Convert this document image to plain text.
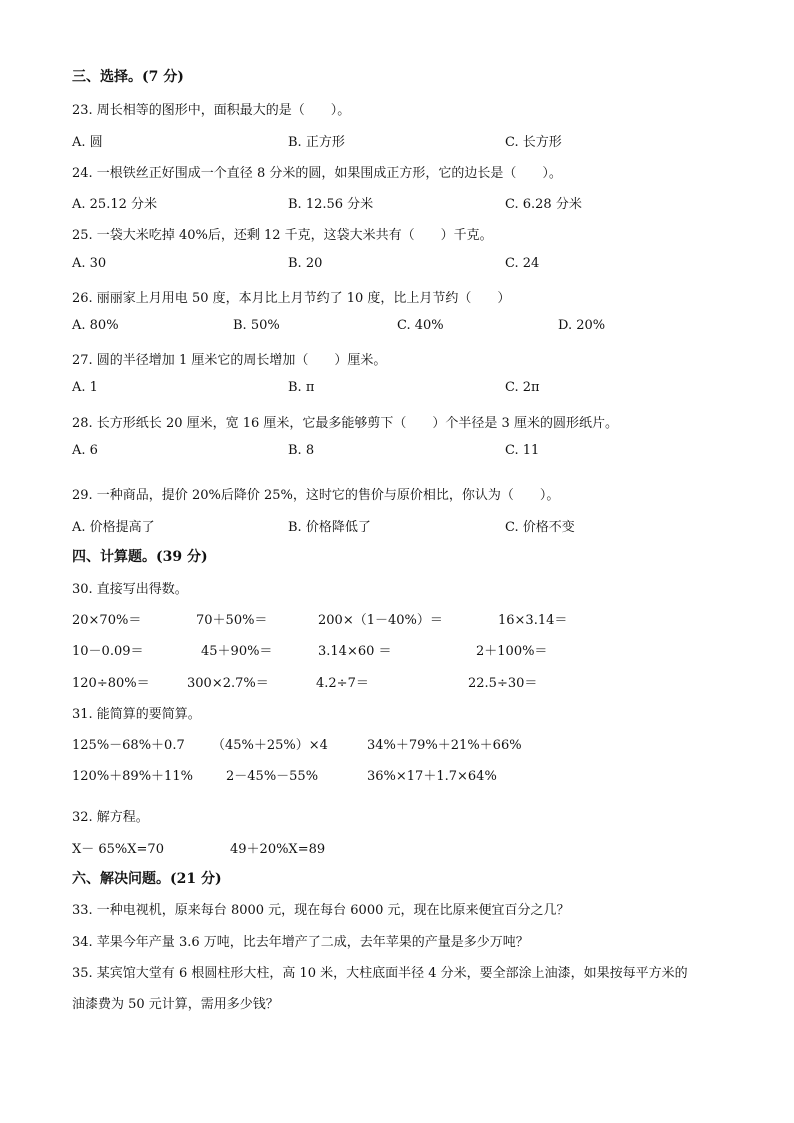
三、选择。(7 分)
23. 周长相等的图形中，面积最大的是（　　）。
A. 圆	B. 正方形	C. 长方形
24. 一根铁丝正好围成一个直径 8 分米的圆，如果围成正方形，它的边长是（　　）。
A. 25.12 分米	B. 12.56 分米	C. 6.28 分米
25. 一袋大米吃掉 40%后，还剩 12 千克，这袋大米共有（　　）千克。
A. 30	B. 20	C. 24
26. 丽丽家上月用电 50 度，本月比上月节约了 10 度，比上月节约（　　）
A. 80%	B. 50%	C. 40%	D. 20%
27. 圆的半径增加 1 厘米它的周长增加（　　）厘米。
A. 1	B. π	C. 2π
28. 长方形纸长 20 厘米，宽 16 厘米，它最多能够剪下（　　）个半径是 3 厘米的圆形纸片。
A. 6	B. 8	C. 11
29. 一种商品，提价 20%后降价 25%，这时它的售价与原价相比，你认为（　　）。
A. 价格提高了	B. 价格降低了	C. 价格不变
四、计算题。(39 分)
30. 直接写出得数。
20×70%＝	70＋50%＝	200×（1－40%）＝	16×3.14＝
10－0.09＝	45＋90%＝	3.14×60 ＝	2＋100%＝
120÷80%＝	300×2.7%＝	4.2÷7＝	22.5÷30＝
31. 能简算的要简算。
125%－68%＋0.7 （45%＋25%）×4	34%＋79%＋21%＋66%
120%＋89%＋11%	2－45%－55%	36%×17＋1.7×64%
32. 解方程。
X－ 65%X=70	49＋20%X=89
六、解决问题。(21 分)
33. 一种电视机，原来每台 8000 元，现在每台 6000 元，现在比原来便宜百分之几？
34. 苹果今年产量 3.6 万吨，比去年增产了二成，去年苹果的产量是多少万吨？
35. 某宾馆大堂有 6 根圆柱形大柱，高 10 米，大柱底面半径 4 分米，要全部涂上油漆，如果按每平方米的
油漆费为 50 元计算，需用多少钱？
